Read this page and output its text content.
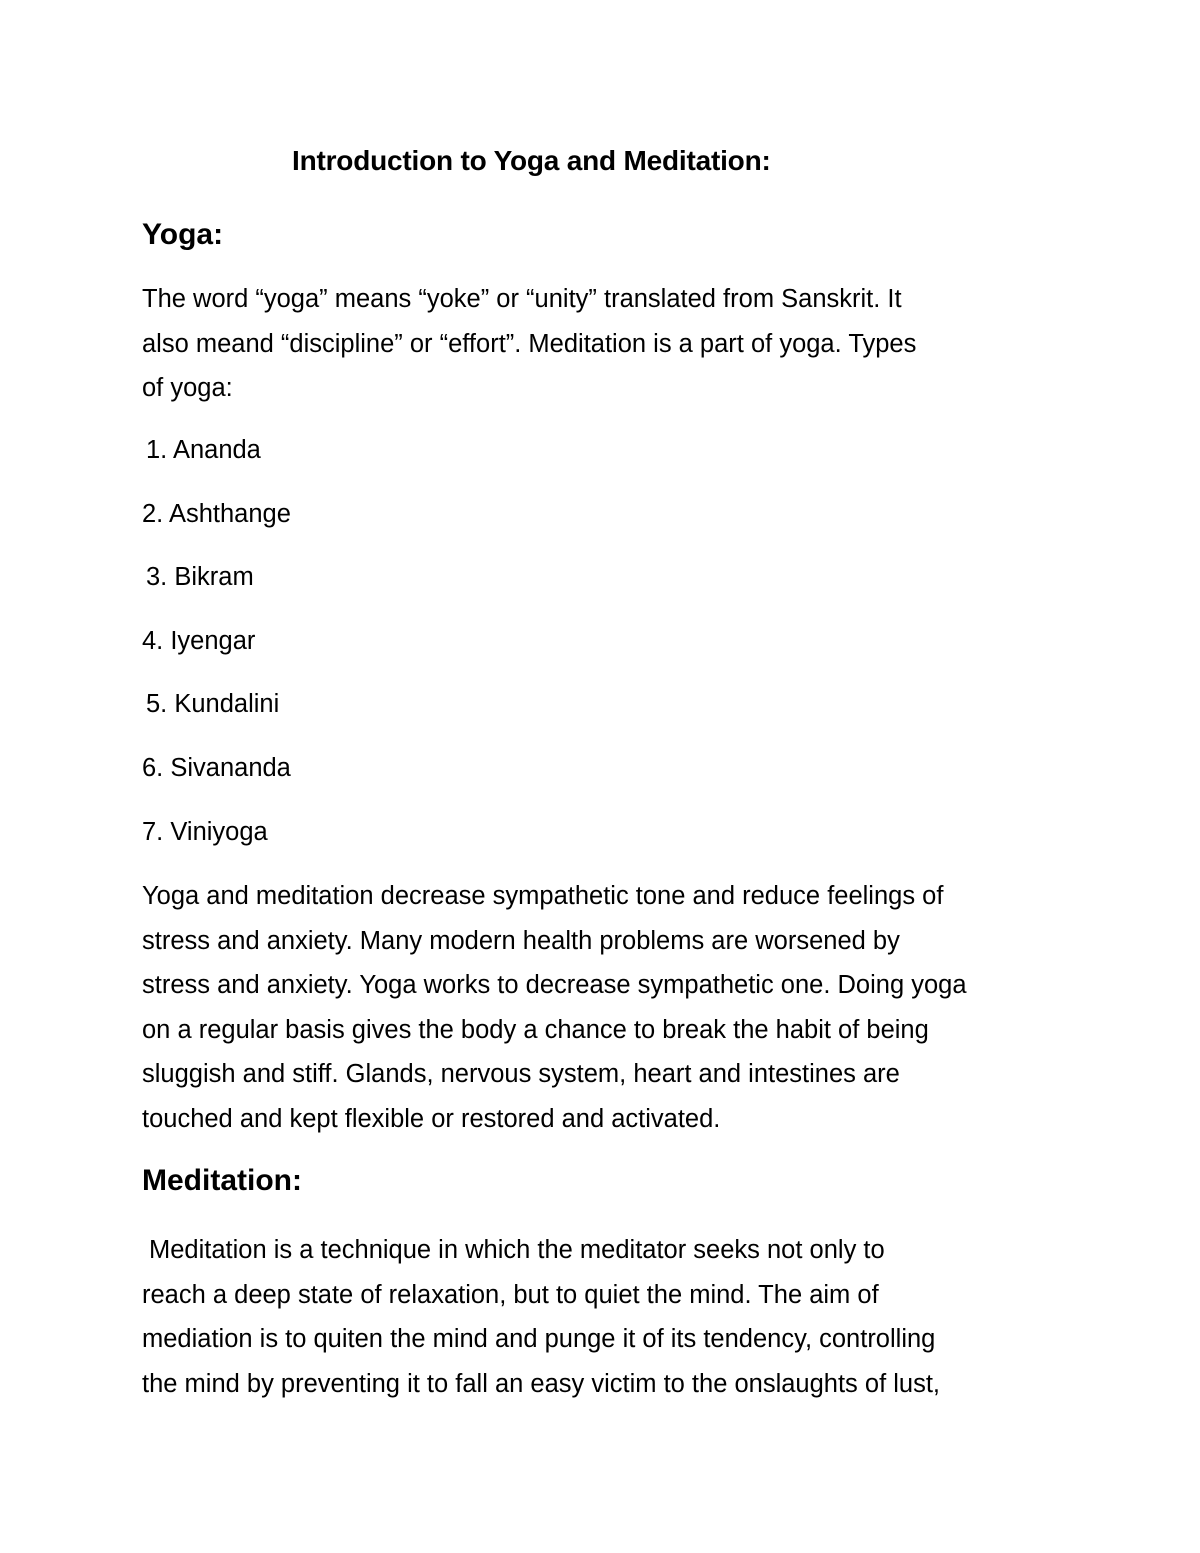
Introduction to Yoga and Meditation:
Yoga:
The word “yoga” means “yoke” or “unity” translated from Sanskrit. It
also meand “discipline” or “effort”. Meditation is a part of yoga. Types
of yoga:
1. Ananda
2. Ashthange
3. Bikram
4. Iyengar
5. Kundalini
6. Sivananda
7. Viniyoga
Yoga and meditation decrease sympathetic tone and reduce feelings of
stress and anxiety. Many modern health problems are worsened by
stress and anxiety. Yoga works to decrease sympathetic one. Doing yoga
on a regular basis gives the body a chance to break the habit of being
sluggish and stiff. Glands, nervous system, heart and intestines are
touched and kept flexible or restored and activated.
Meditation:
Meditation is a technique in which the meditator seeks not only to
reach a deep state of relaxation, but to quiet the mind. The aim of
mediation is to quiten the mind and punge it of its tendency, controlling
the mind by preventing it to fall an easy victim to the onslaughts of lust,
